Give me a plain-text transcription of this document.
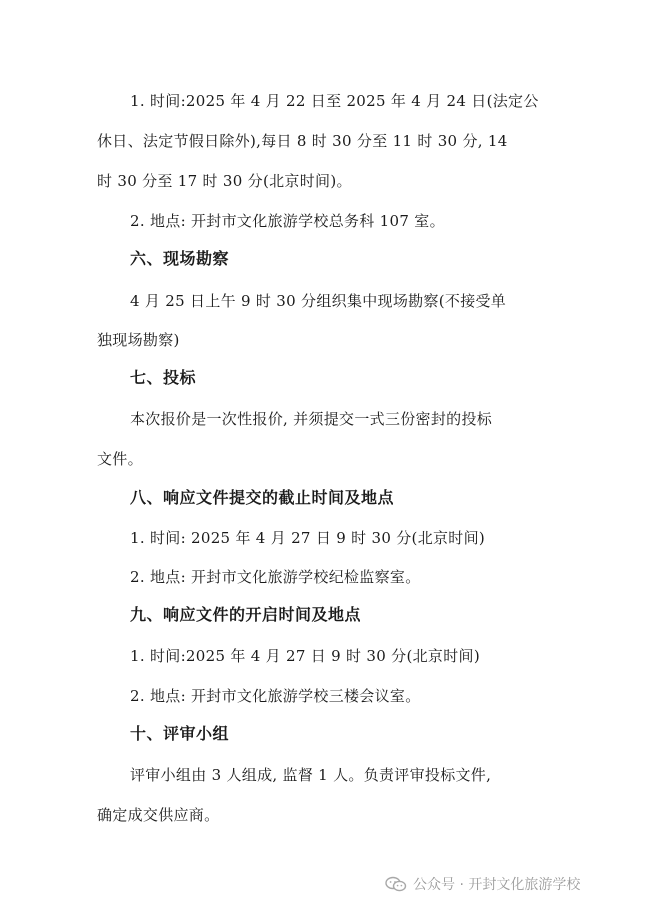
1. 时间:2025 年 4 月 22 日至 2025 年 4 月 24 日(法定公
休日、法定节假日除外),每日 8 时 30 分至 11 时 30 分, 14
时 30 分至 17 时 30 分(北京时间)。
2. 地点: 开封市文化旅游学校总务科 107 室。
六、现场勘察
4 月 25 日上午 9 时 30 分组织集中现场勘察(不接受单
独现场勘察)
七、投标
本次报价是一次性报价, 并须提交一式三份密封的投标
文件。
八、响应文件提交的截止时间及地点
1. 时间: 2025 年 4 月 27 日 9 时 30 分(北京时间)
2. 地点: 开封市文化旅游学校纪检监察室。
九、响应文件的开启时间及地点
1. 时间:2025 年 4 月 27 日 9 时 30 分(北京时间)
2. 地点: 开封市文化旅游学校三楼会议室。
十、评审小组
评审小组由 3 人组成, 监督 1 人。负责评审投标文件,
确定成交供应商。
公众号 · 开封文化旅游学校
